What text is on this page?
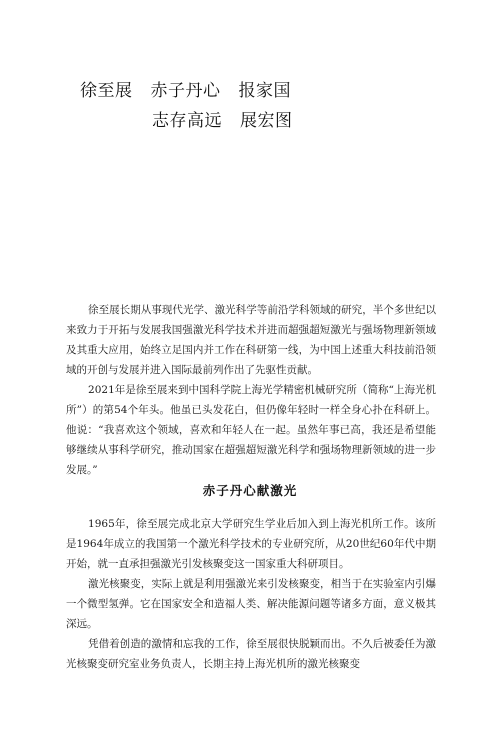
徐至展 赤子丹心 报家国
志存高远 展宏图

徐至展长期从事现代光学、激光科学等前沿学科领域的研究，半个多世纪以来致力于开拓与发展我国强激光科学技术并进而超强超短激光与强场物理新领域及其重大应用，始终立足国内并工作在科研第一线，为中国上述重大科技前沿领域的开创与发展并进入国际最前列作出了先驱性贡献。

2021年是徐至展来到中国科学院上海光学精密机械研究所（简称“上海光机所”）的第54个年头。他虽已头发花白，但仍像年轻时一样全身心扑在科研上。他说：“我喜欢这个领域，喜欢和年轻人在一起。虽然年事已高，我还是希望能够继续从事科学研究，推动国家在超强超短激光科学和强场物理新领域的进一步发展。”

赤子丹心献激光

1965年，徐至展完成北京大学研究生学业后加入到上海光机所工作。该所是1964年成立的我国第一个激光科学技术的专业研究所，从20世纪60年代中期开始，就一直承担强激光引发核聚变这一国家重大科研项目。

激光核聚变，实际上就是利用强激光来引发核聚变，相当于在实验室内引爆一个微型氢弹。它在国家安全和造福人类、解决能源问题等诸多方面，意义极其深远。

凭借着创造的激情和忘我的工作，徐至展很快脱颖而出。不久后被委任为激光核聚变研究室业务负责人，长期主持上海光机所的激光核聚变
